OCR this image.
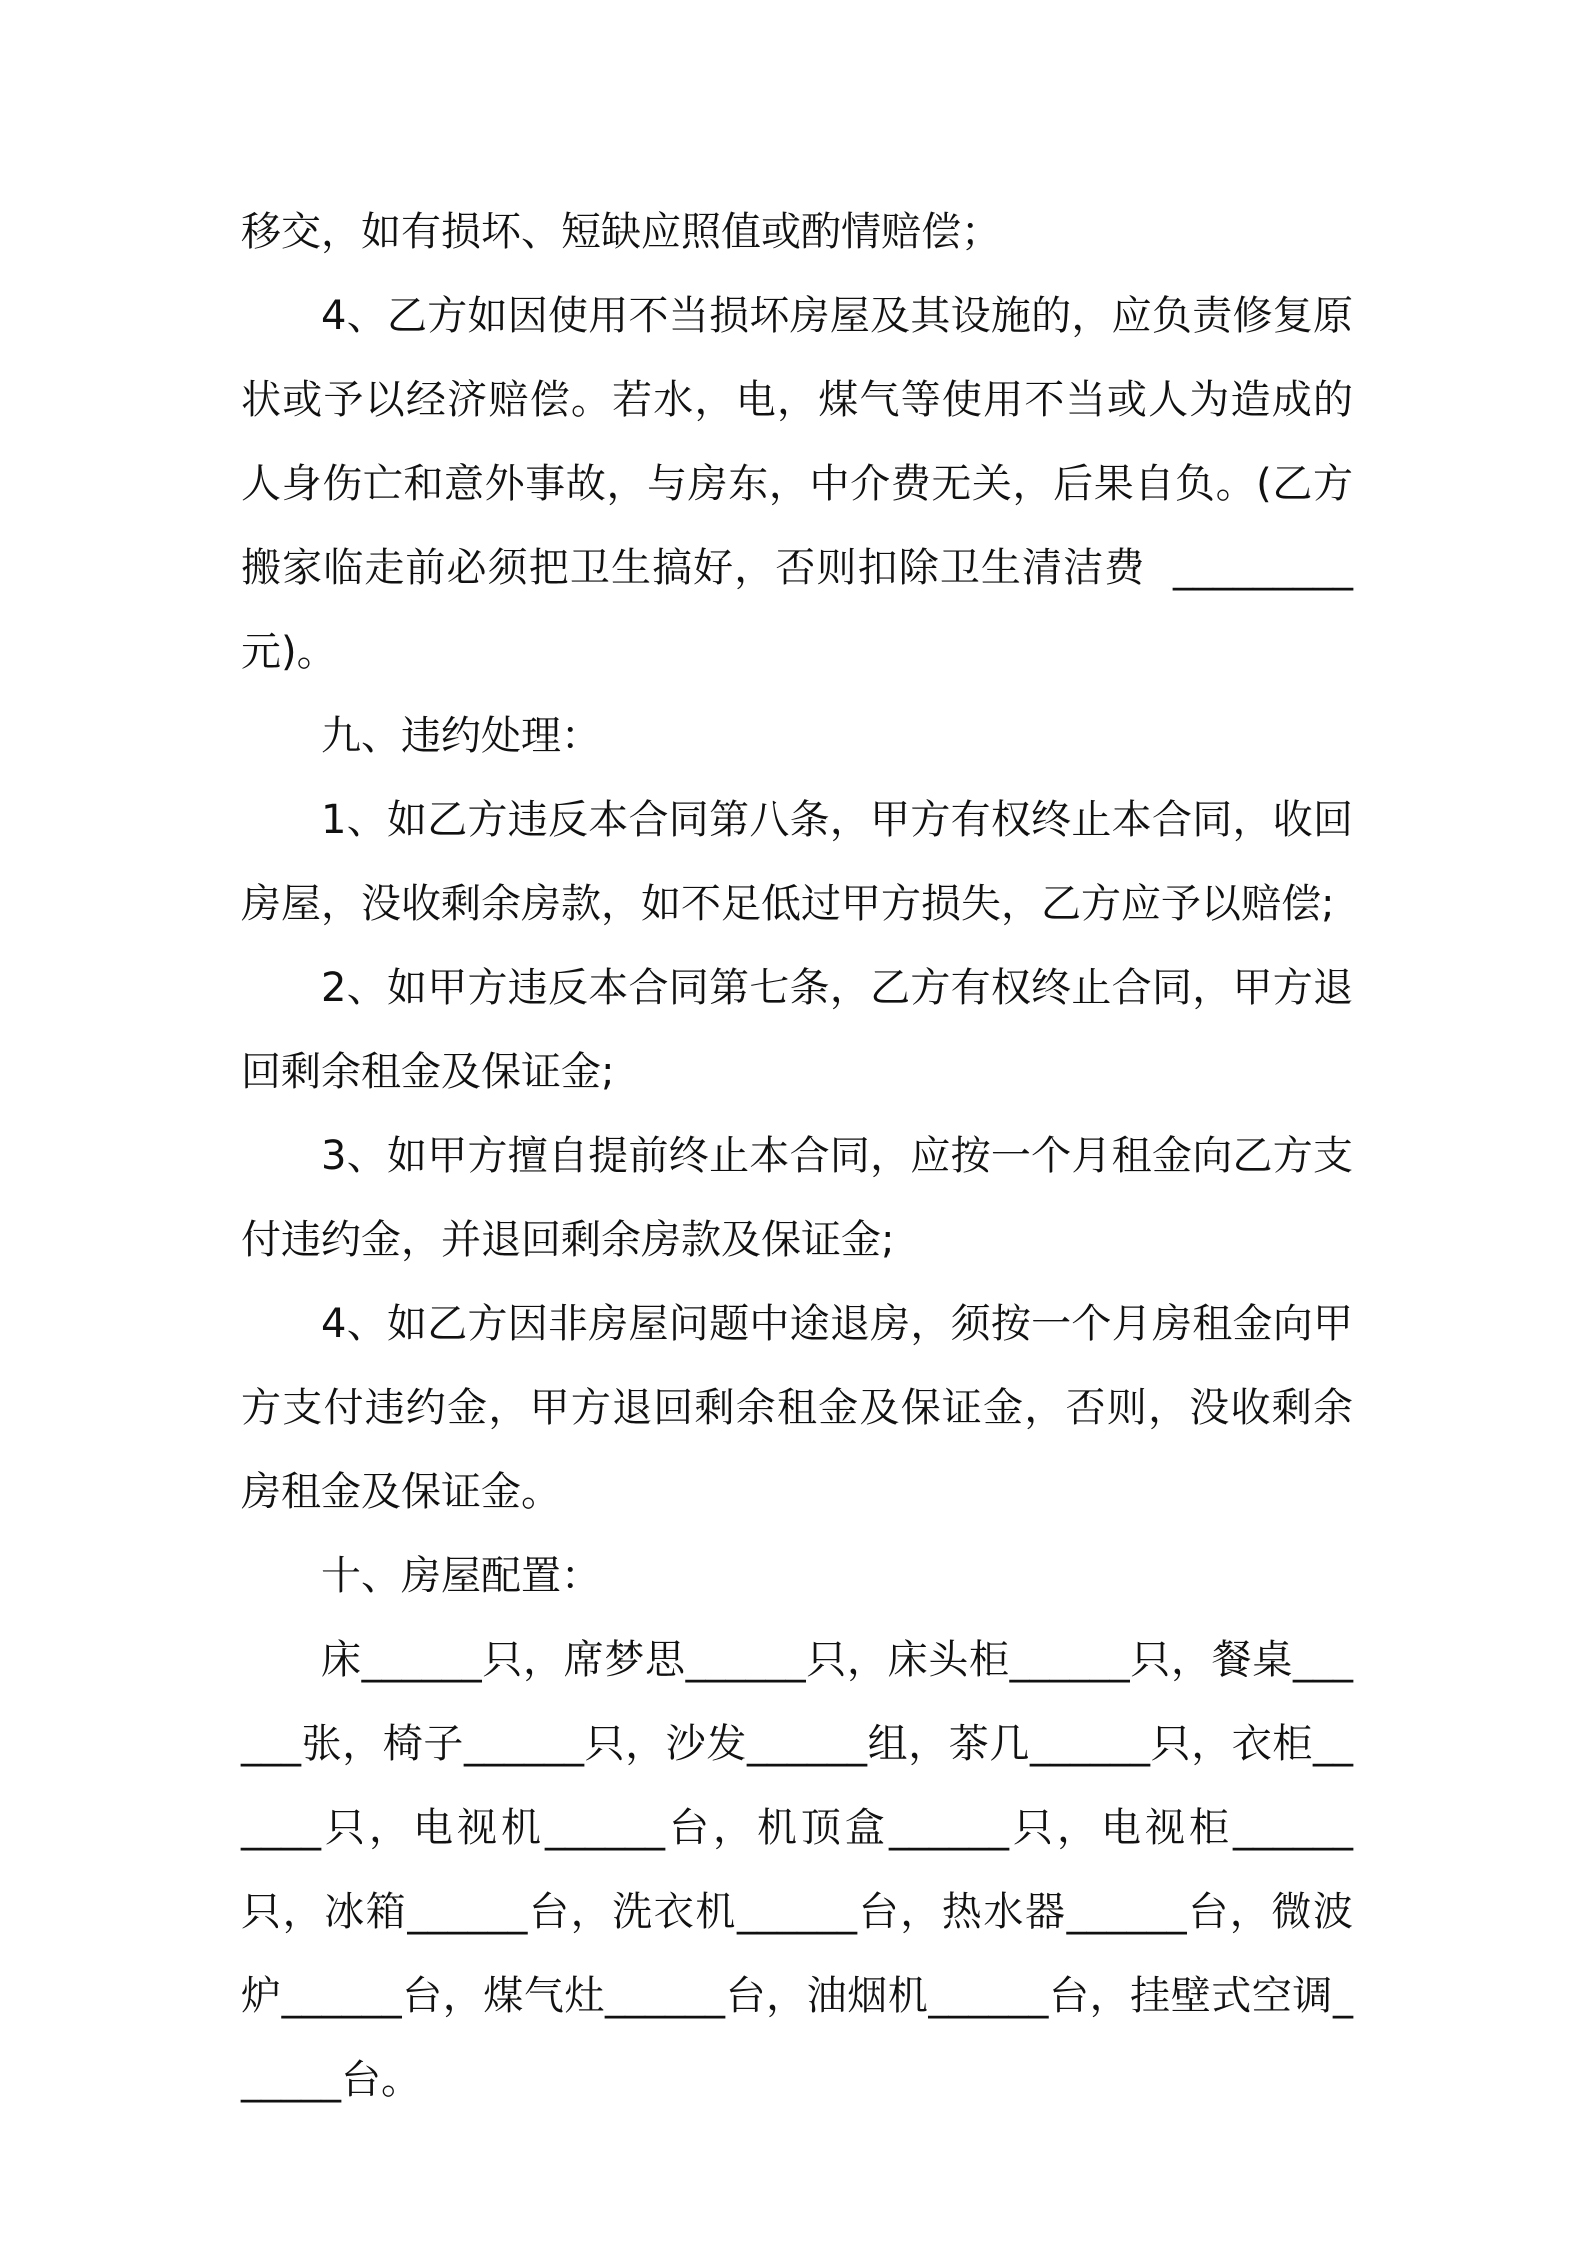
移交，如有损坏、短缺应照值或酌情赔偿；

4、乙方如因使用不当损坏房屋及其设施的，应负责修复原状或予以经济赔偿。若水，电，煤气等使用不当或人为造成的人身伤亡和意外事故，与房东，中介费无关，后果自负。(乙方搬家临走前必须把卫生搞好，否则扣除卫生清洁费  _________元)。

九、违约处理：

1、如乙方违反本合同第八条，甲方有权终止本合同，收回房屋，没收剩余房款，如不足低过甲方损失，乙方应予以赔偿;

2、如甲方违反本合同第七条，乙方有权终止合同，甲方退回剩余租金及保证金;

3、如甲方擅自提前终止本合同，应按一个月租金向乙方支付违约金，并退回剩余房款及保证金;

4、如乙方因非房屋问题中途退房，须按一个月房租金向甲方支付违约金，甲方退回剩余租金及保证金，否则，没收剩余房租金及保证金。

十、房屋配置：

床______只，席梦思______只，床头柜______只，餐桌______张，椅子______只，沙发______组，茶几______只，衣柜______只，电视机______台，机顶盒______只，电视柜______只，冰箱______台，洗衣机______台，热水器______台，微波炉______台，煤气灶______台，油烟机______台，挂壁式空调______台。
